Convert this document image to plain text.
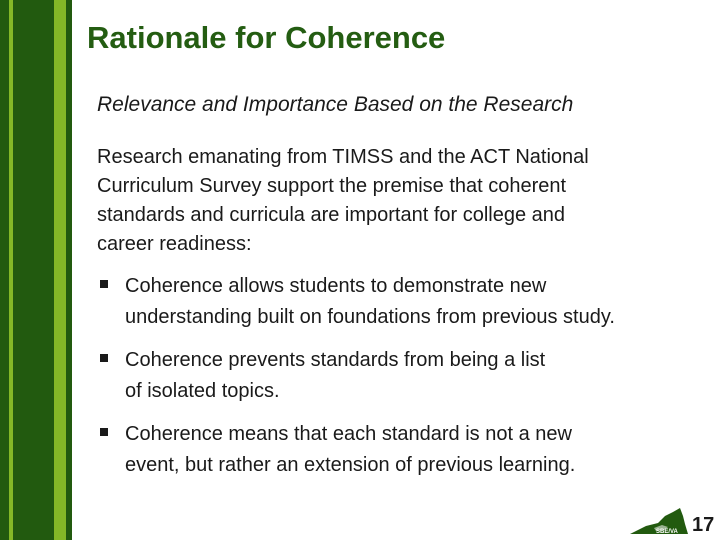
Rationale for Coherence

Relevance and Importance Based on the Research

Research emanating from TIMSS and the ACT National
Curriculum Survey support the premise that coherent
standards and curricula are important for college and
career readiness:

Coherence allows students to demonstrate new
understanding built on foundations from previous study.
Coherence prevents standards from being a list
of isolated topics.
Coherence means that each standard is not a new
event, but rather an extension of previous learning.
SBE/VA 17
